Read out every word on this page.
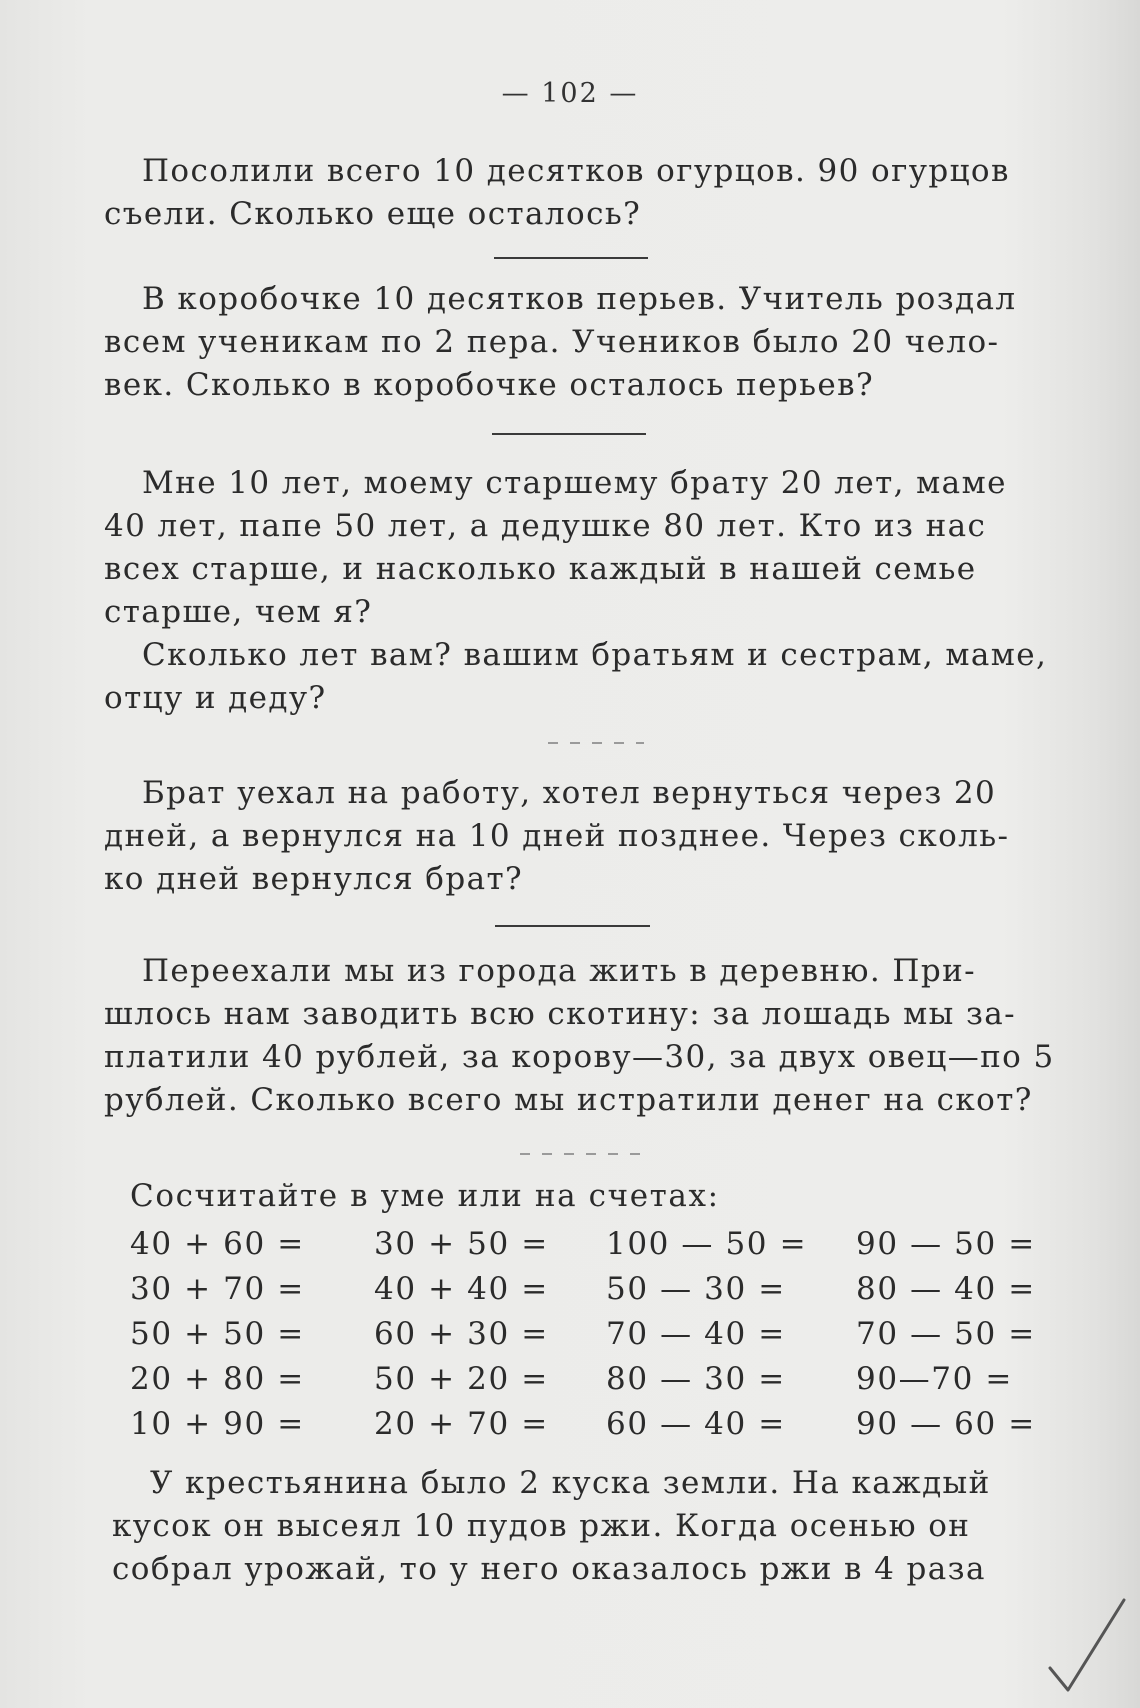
— 102 —
Посолили всего 10 десятков огурцов. 90 огурцов
съели. Сколько еще осталось?
В коробочке 10 десятков перьев. Учитель роздал
всем ученикам по 2 пера. Учеников было 20 чело-
век. Сколько в коробочке осталось перьев?
Мне 10 лет, моему старшему брату 20 лет, маме
40 лет, папе 50 лет, а дедушке 80 лет. Кто из нас
всех старше, и насколько каждый в нашей семье
старше, чем я?
Сколько лет вам? вашим братьям и сестрам, маме,
отцу и деду?
Брат уехал на работу, хотел вернуться через 20
дней, а вернулся на 10 дней позднее. Через сколь-
ко дней вернулся брат?
Переехали мы из города жить в деревню. При-
шлось нам заводить всю скотину: за лошадь мы за-
платили 40 рублей, за корову—30, за двух овец—по 5
рублей. Сколько всего мы истратили денег на скот?
Сосчитайте в уме или на счетах:
40 + 60 =	30 + 50 =	100 — 50 =	90 — 50 =
30 + 70 =	40 + 40 =	50 — 30 =	80 — 40 =
50 + 50 =	60 + 30 =	70 — 40 =	70 — 50 =
20 + 80 =	50 + 20 =	80 — 30 =	90—70 =
10 + 90 =	20 + 70 =	60 — 40 =	90 — 60 =
У крестьянина было 2 куска земли. На каждый
кусок он высеял 10 пудов ржи. Когда осенью он
собрал урожай, то у него оказалось ржи в 4 раза
